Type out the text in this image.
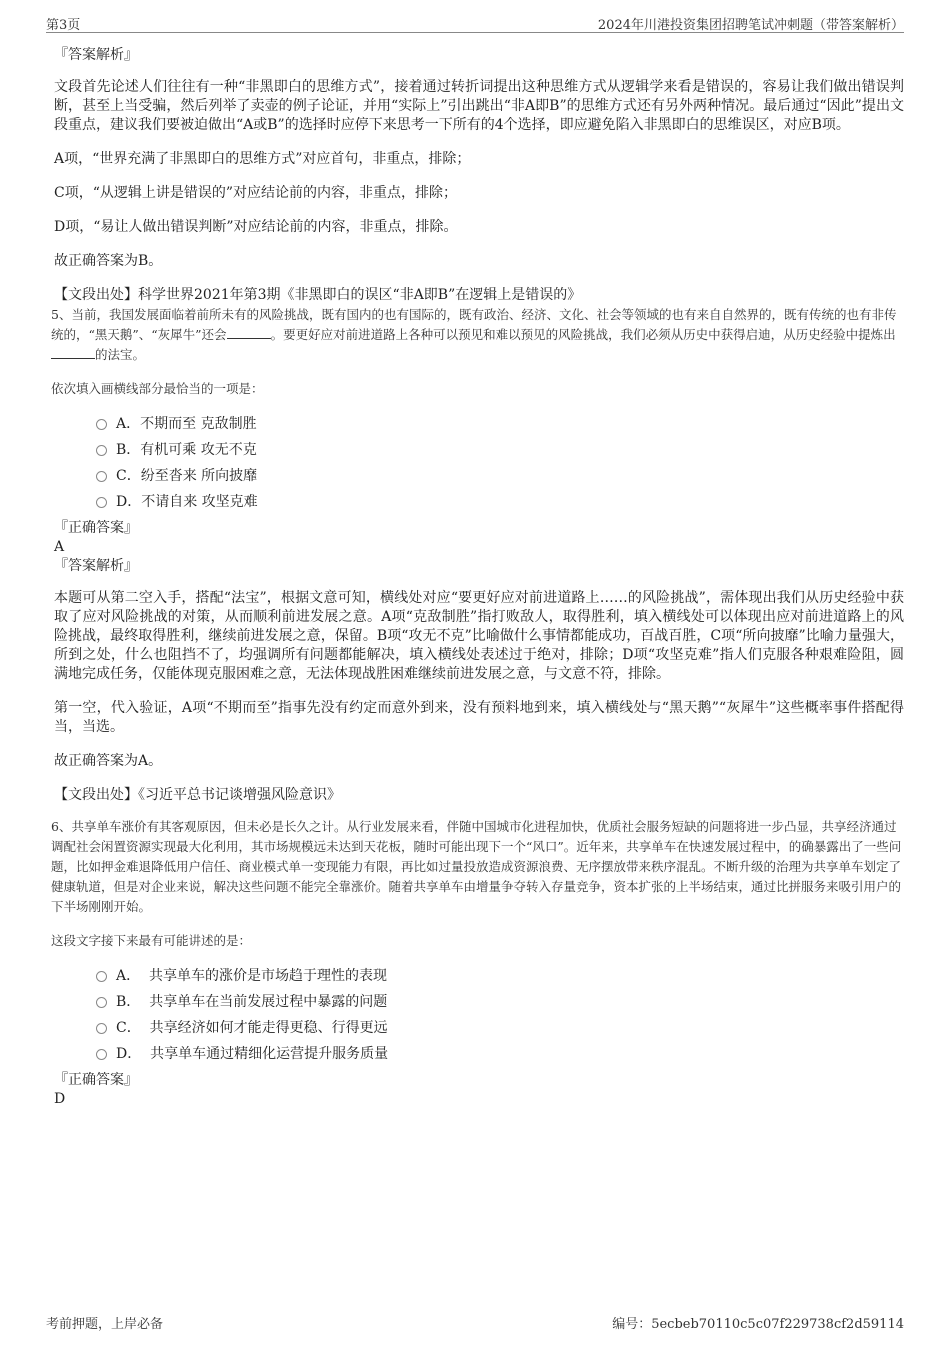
第3页	2024年川港投资集团招聘笔试冲刺题（带答案解析）

『答案解析』

文段首先论述人们往往有一种“非黑即白的思维方式”，接着通过转折词提出这种思维方式从逻辑学来看是错误的，容易让我们做出错误判断，甚至上当受骗，然后列举了卖壶的例子论证，并用“实际上”引出跳出“非A即B”的思维方式还有另外两种情况。最后通过“因此”提出文段重点，建议我们要被迫做出“A或B”的选择时应停下来思考一下所有的4个选择，即应避免陷入非黑即白的思维误区，对应B项。

A项，“世界充满了非黑即白的思维方式”对应首句，非重点，排除；

C项，“从逻辑上讲是错误的”对应结论前的内容，非重点，排除；

D项，“易让人做出错误判断”对应结论前的内容，非重点，排除。

故正确答案为B。

【文段出处】科学世界2021年第3期《非黑即白的误区“非A即B”在逻辑上是错误的》

5、当前，我国发展面临着前所未有的风险挑战，既有国内的也有国际的，既有政治、经济、文化、社会等领域的也有来自自然界的，既有传统的也有非传统的，“黑天鹅”、“灰犀牛”还会	。要更好应对前进道路上各种可以预见和难以预见的风险挑战，我们必须从历史中获得启迪，从历史经验中提炼出的法宝。

依次填入画横线部分最恰当的一项是：

A．不期而至 克敌制胜
B．有机可乘 攻无不克
C．纷至沓来 所向披靡
D．不请自来 攻坚克难

『正确答案』

A

『答案解析』

本题可从第二空入手，搭配“法宝”，根据文意可知，横线处对应“要更好应对前进道路上……的风险挑战”，需体现出我们从历史经验中获取了应对风险挑战的对策，从而顺利前进发展之意。A项“克敌制胜”指打败敌人，取得胜利，填入横线处可以体现出应对前进道路上的风险挑战，最终取得胜利，继续前进发展之意，保留。B项“攻无不克”比喻做什么事情都能成功，百战百胜，C项“所向披靡”比喻力量强大，所到之处，什么也阻挡不了，均强调所有问题都能解决，填入横线处表述过于绝对，排除；D项“攻坚克难”指人们克服各种艰难险阻，圆满地完成任务，仅能体现克服困难之意，无法体现战胜困难继续前进发展之意，与文意不符，排除。

第一空，代入验证，A项“不期而至”指事先没有约定而意外到来，没有预料地到来，填入横线处与“黑天鹅”“灰犀牛”这些概率事件搭配得当，当选。

故正确答案为A。

【文段出处】《习近平总书记谈增强风险意识》

6、共享单车涨价有其客观原因，但未必是长久之计。从行业发展来看，伴随中国城市化进程加快，优质社会服务短缺的问题将进一步凸显，共享经济通过调配社会闲置资源实现最大化利用，其市场规模远未达到天花板，随时可能出现下一个“风口”。近年来，共享单车在快速发展过程中，的确暴露出了一些问题，比如押金难退降低用户信任、商业模式单一变现能力有限，再比如过量投放造成资源浪费、无序摆放带来秩序混乱。不断升级的治理为共享单车划定了健康轨道，但是对企业来说，解决这些问题不能完全靠涨价。随着共享单车由增量争夺转入存量竞争，资本扩张的上半场结束，通过比拼服务来吸引用户的下半场刚刚开始。

这段文字接下来最有可能讲述的是：

A． 共享单车的涨价是市场趋于理性的表现
B． 共享单车在当前发展过程中暴露的问题
C． 共享经济如何才能走得更稳、行得更远
D． 共享单车通过精细化运营提升服务质量

『正确答案』

D

考前押题，上岸必备	编号：5ecbeb70110c5c07f229738cf2d59114
